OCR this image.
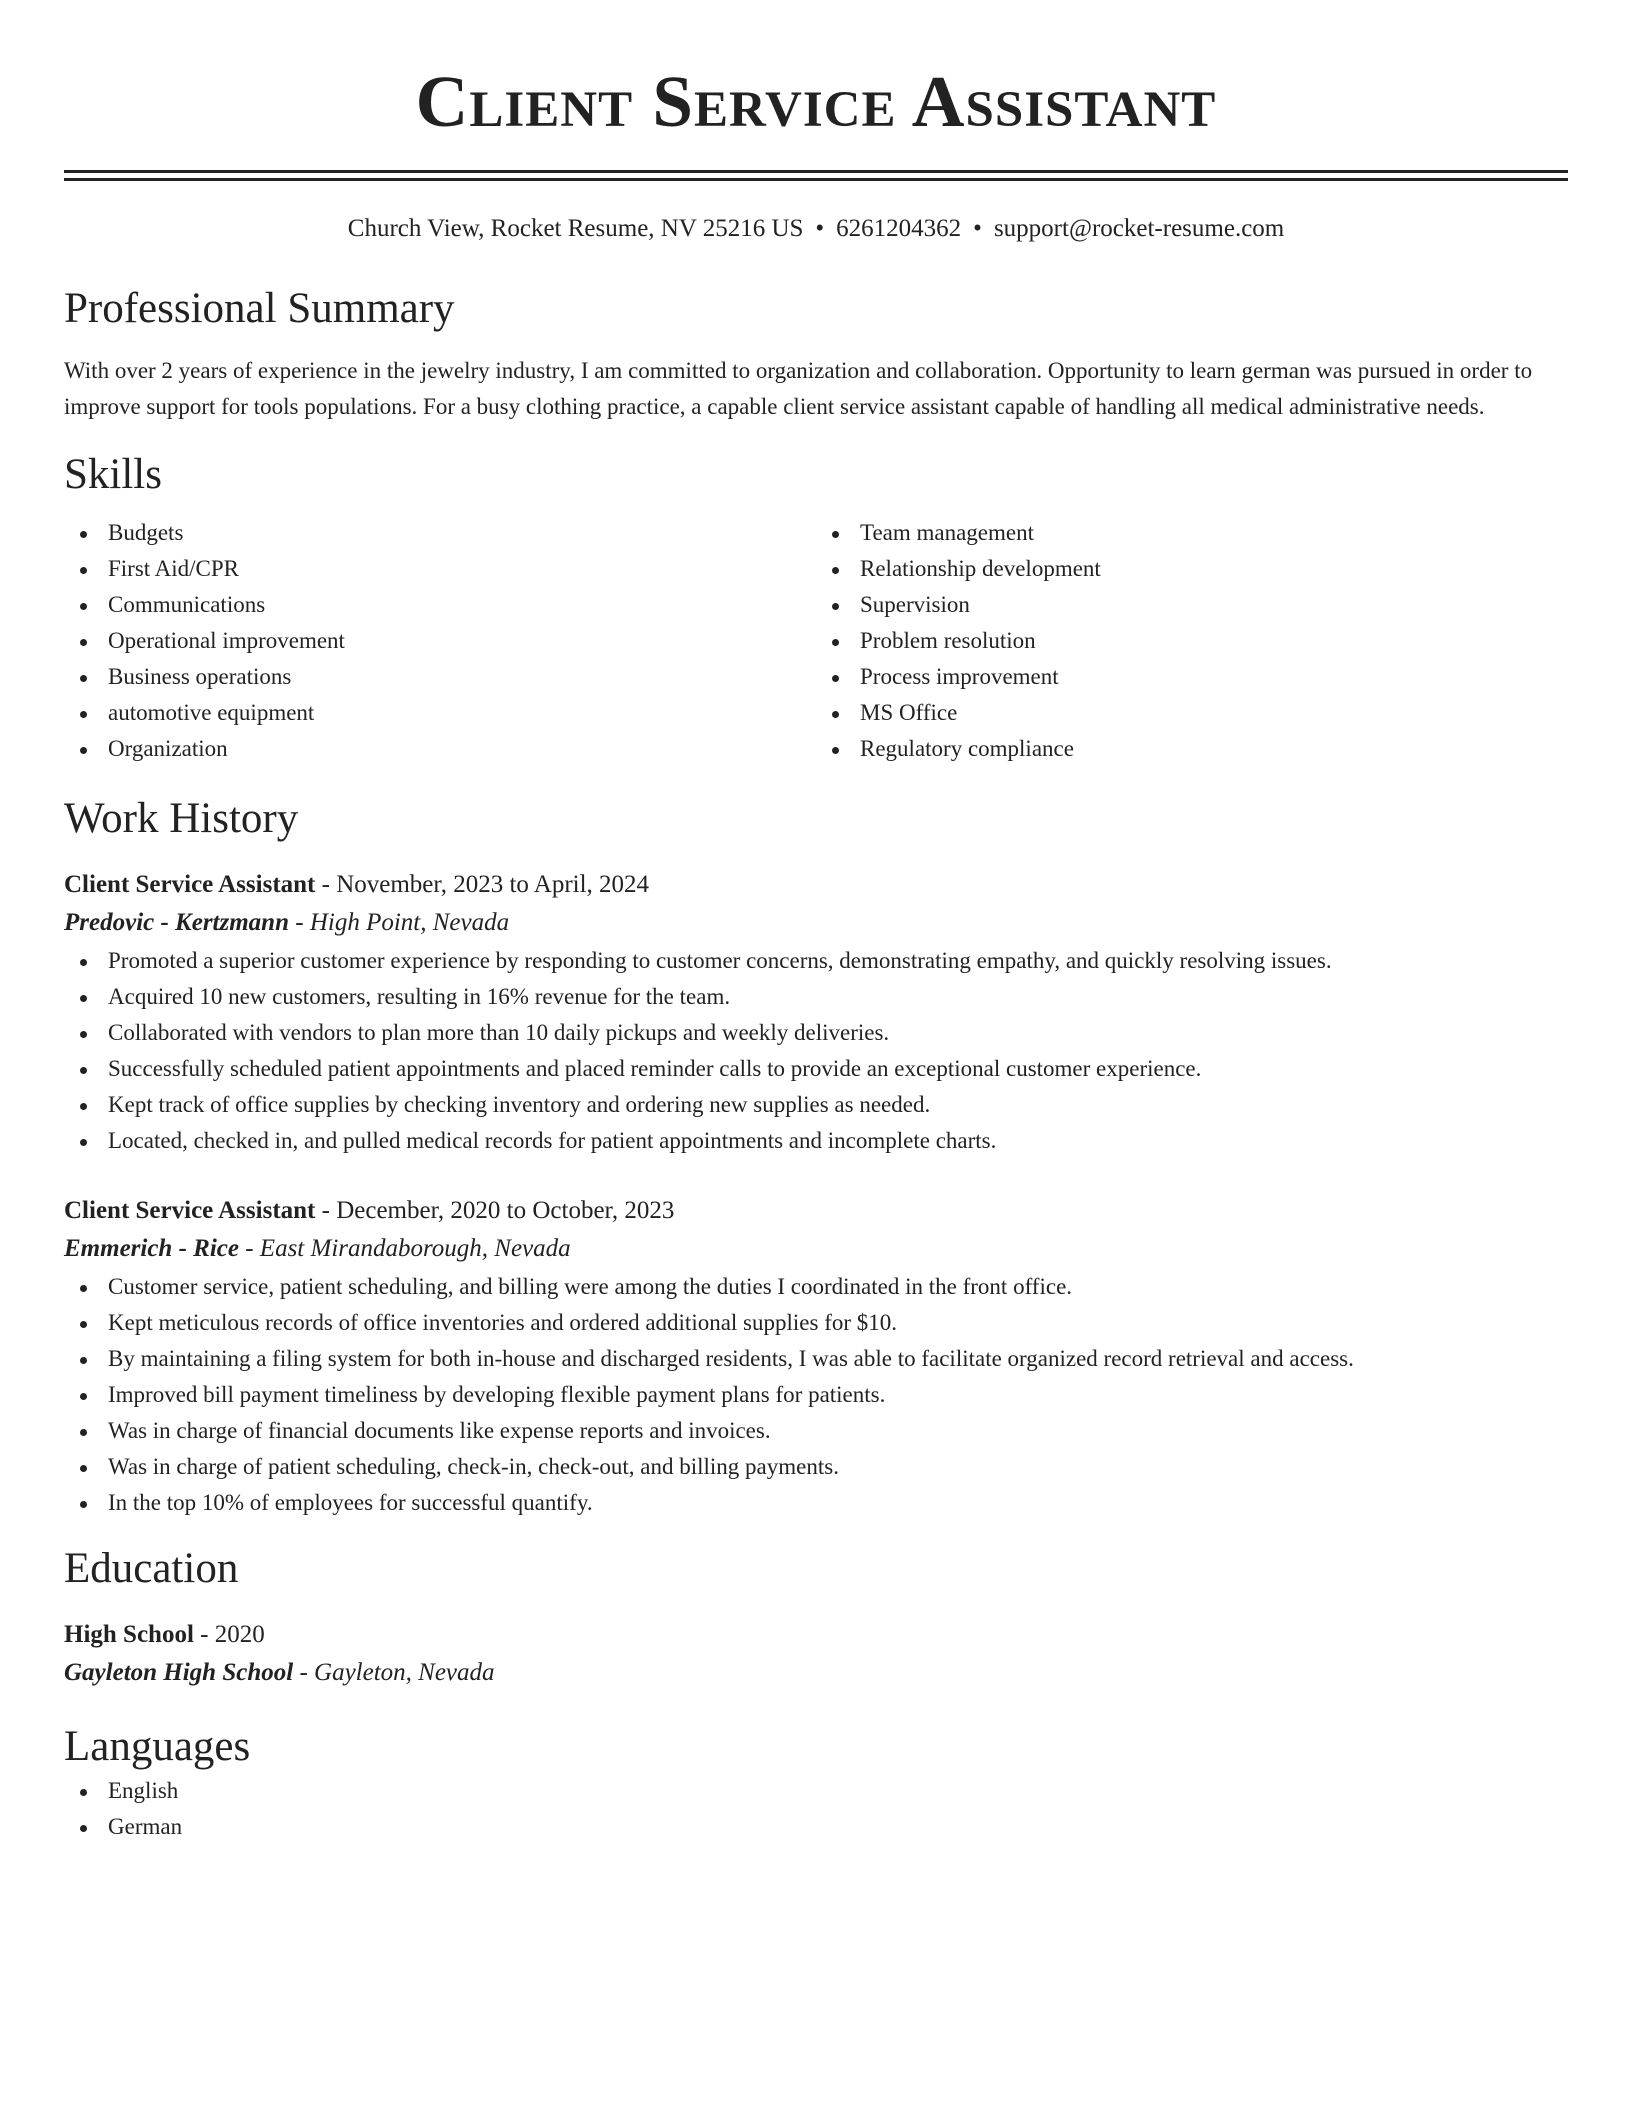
Client Service Assistant
Church View, Rocket Resume, NV 25216 US • 6261204362 • support@rocket-resume.com
Professional Summary

With over 2 years of experience in the jewelry industry, I am committed to organization and collaboration. Opportunity to learn german was pursued in order to improve support for tools populations. For a busy clothing practice, a capable client service assistant capable of handling all medical administrative needs.

Skills
Budgets
First Aid/CPR
Communications
Operational improvement
Business operations
automotive equipment
Organization
Team management
Relationship development
Supervision
Problem resolution
Process improvement
MS Office
Regulatory compliance
Work History
Client Service Assistant - November, 2023 to April, 2024
Predovic - Kertzmann - High Point, Nevada
Promoted a superior customer experience by responding to customer concerns, demonstrating empathy, and quickly resolving issues.
Acquired 10 new customers, resulting in 16% revenue for the team.
Collaborated with vendors to plan more than 10 daily pickups and weekly deliveries.
Successfully scheduled patient appointments and placed reminder calls to provide an exceptional customer experience.
Kept track of office supplies by checking inventory and ordering new supplies as needed.
Located, checked in, and pulled medical records for patient appointments and incomplete charts.
Client Service Assistant - December, 2020 to October, 2023
Emmerich - Rice - East Mirandaborough, Nevada
Customer service, patient scheduling, and billing were among the duties I coordinated in the front office.
Kept meticulous records of office inventories and ordered additional supplies for $10.
By maintaining a filing system for both in-house and discharged residents, I was able to facilitate organized record retrieval and access.
Improved bill payment timeliness by developing flexible payment plans for patients.
Was in charge of financial documents like expense reports and invoices.
Was in charge of patient scheduling, check-in, check-out, and billing payments.
In the top 10% of employees for successful quantify.
Education
High School - 2020
Gayleton High School - Gayleton, Nevada
Languages
English
German
